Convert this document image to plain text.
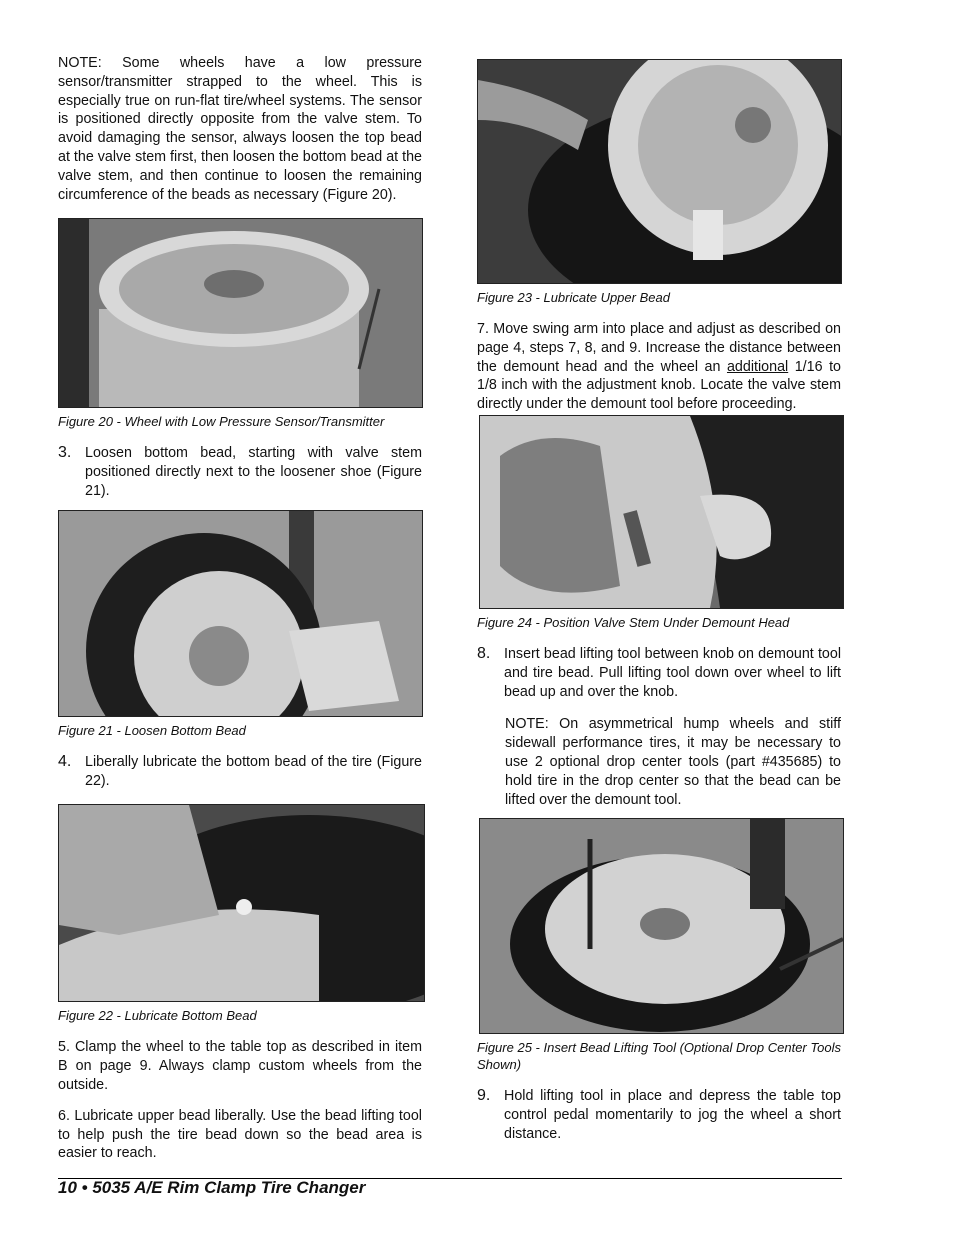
NOTE: Some wheels have a low pressure sensor/transmitter strapped to the wheel. This is especially true on run-flat tire/wheel systems. The sensor is positioned directly opposite from the valve stem. To avoid damaging the sensor, always loosen the top bead at the valve stem first, then loosen the bottom bead at the valve stem, and then continue to loosen the remaining circumference of the beads as necessary (Figure 20).

Figure 20 - Wheel with Low Pressure Sensor/Transmitter
3. Loosen bottom bead, starting with valve stem positioned directly next to the loosener shoe (Figure 21).

Figure 21 - Loosen Bottom Bead
4. Liberally lubricate the bottom bead of the tire (Figure 22).

Figure 22 - Lubricate Bottom Bead

5. Clamp the wheel to the table top as described in item B on page 9. Always clamp custom wheels from the outside.

6. Lubricate upper bead liberally. Use the bead lifting tool to help push the tire bead down so the bead area is easier to reach.

Figure 23 - Lubricate Upper Bead

7. Move swing arm into place and adjust as described on page 4, steps 7, 8, and 9. Increase the distance between the demount head and the wheel an additional 1/16 to 1/8 inch with the adjustment knob. Locate the valve stem directly under the demount tool before proceeding.

Figure 24 - Position Valve Stem Under Demount Head
8. Insert bead lifting tool between knob on demount tool and tire bead. Pull lifting tool down over wheel to lift bead up and over the knob.

NOTE: On asymmetrical hump wheels and stiff sidewall performance tires, it may be necessary to use 2 optional drop center tools (part #435685) to hold tire in the drop center so that the bead can be lifted over the demount tool.

Figure 25 - Insert Bead Lifting Tool (Optional Drop Center Tools Shown)
9. Hold lifting tool in place and depress the table top control pedal momentarily to jog the wheel a short distance.

10 • 5035 A/E Rim Clamp Tire Changer
